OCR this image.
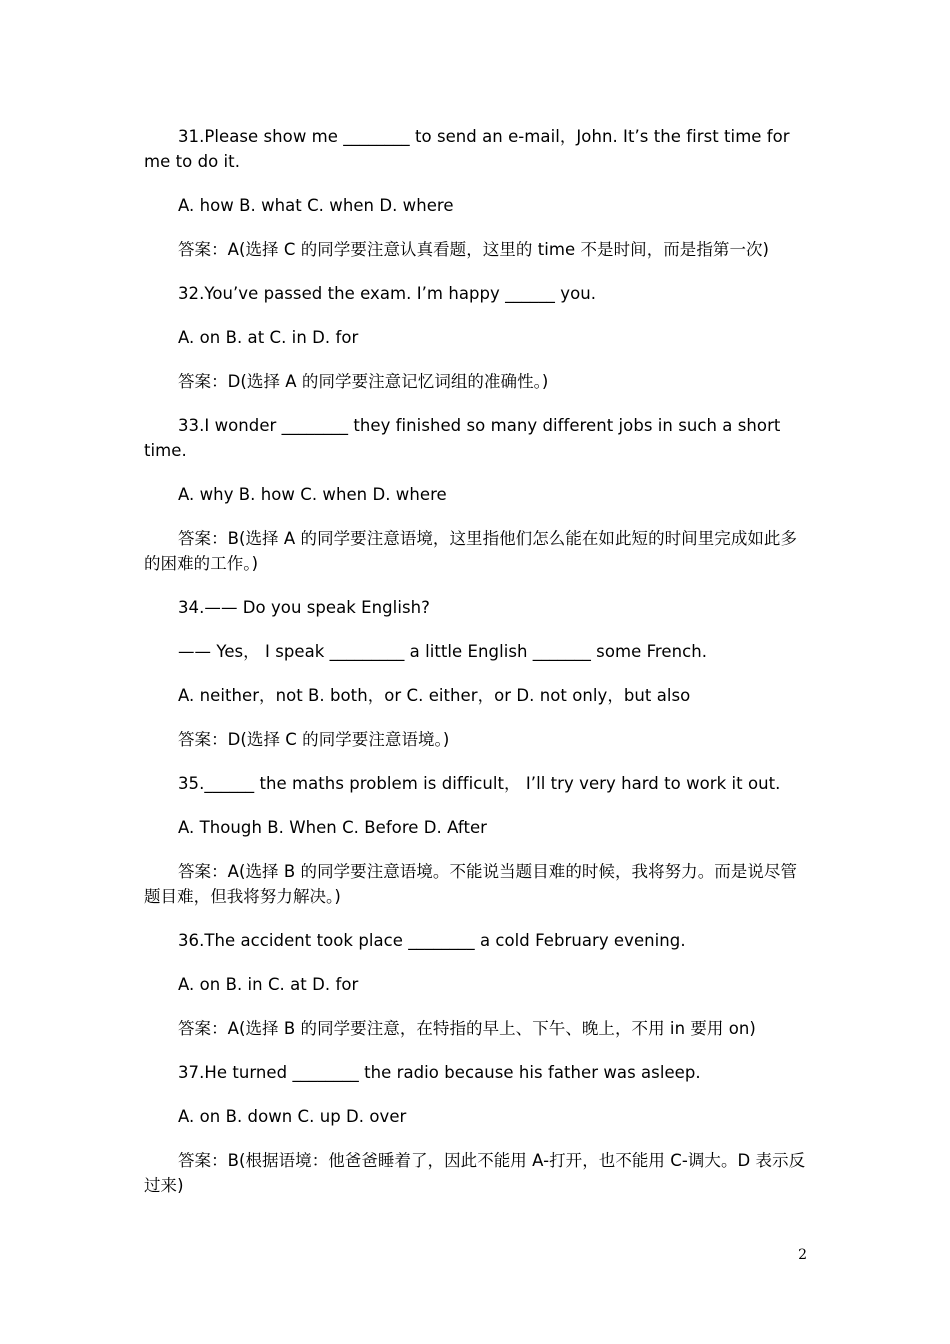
31.Please show me ________ to send an e-mail，John. It’s the first time for me to do it.

A. how B. what C. when D. where

答案：A(选择 C 的同学要注意认真看题，这里的 time 不是时间，而是指第一次)

32.You’ve passed the exam. I’m happy ______ you.

A. on B. at C. in D. for

答案：D(选择 A 的同学要注意记忆词组的准确性。)

33.I wonder ________ they finished so many different jobs in such a short time.

A. why B. how C. when D. where

答案：B(选择 A 的同学要注意语境，这里指他们怎么能在如此短的时间里完成如此多的困难的工作。)

34.—— Do you speak English?

—— Yes， I speak _________ a little English _______ some French.

A. neither，not B. both，or C. either，or D. not only，but also

答案：D(选择 C 的同学要注意语境。)

35.______ the maths problem is difficult， I’ll try very hard to work it out.

A. Though B. When C. Before D. After

答案：A(选择 B 的同学要注意语境。不能说当题目难的时候，我将努力。而是说尽管题目难，但我将努力解决。)

36.The accident took place ________ a cold February evening.

A. on B. in C. at D. for

答案：A(选择 B 的同学要注意，在特指的早上、下午、晚上，不用 in 要用 on)

37.He turned ________ the radio because his father was asleep.

A. on B. down C. up D. over

答案：B(根据语境：他爸爸睡着了，因此不能用 A-打开，也不能用 C-调大。D 表示反过来)

2
